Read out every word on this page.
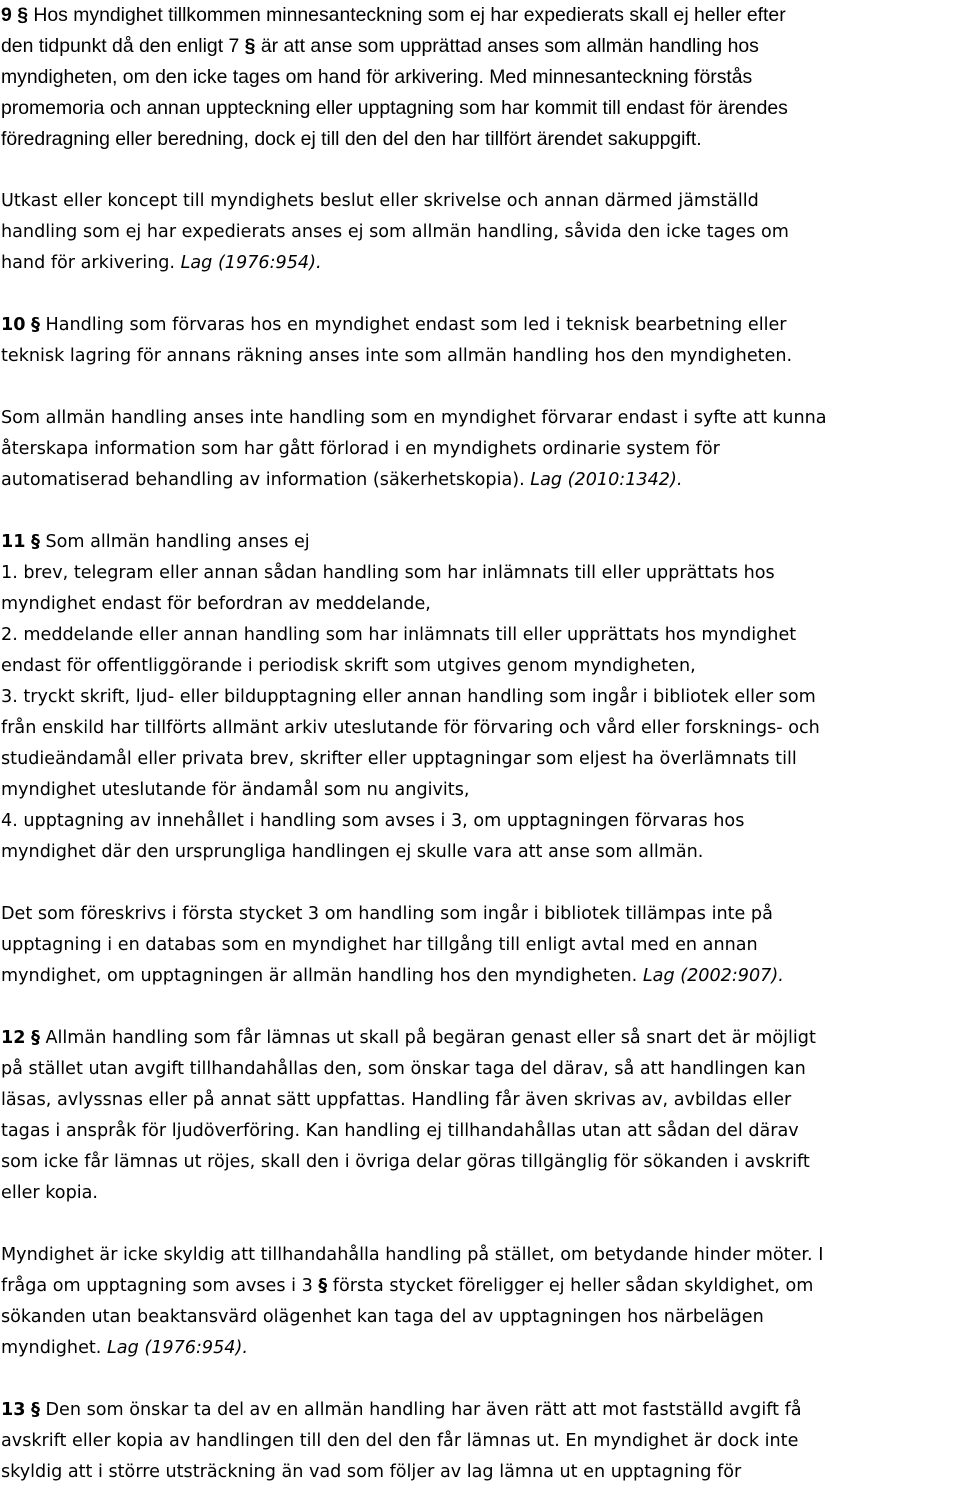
9 § Hos myndighet tillkommen minnesanteckning som ej har expedierats skall ej heller efter

den tidpunkt då den enligt 7 § är att anse som upprättad anses som allmän handling hos

myndigheten, om den icke tages om hand för arkivering. Med minnesanteckning förstås

promemoria och annan uppteckning eller upptagning som har kommit till endast för ärendes

föredragning eller beredning, dock ej till den del den har tillfört ärendet sakuppgift.

Utkast eller koncept till myndighets beslut eller skrivelse och annan därmed jämställd

handling som ej har expedierats anses ej som allmän handling, såvida den icke tages om

hand för arkivering. Lag (1976:954).

10 § Handling som förvaras hos en myndighet endast som led i teknisk bearbetning eller

teknisk lagring för annans räkning anses inte som allmän handling hos den myndigheten.

Som allmän handling anses inte handling som en myndighet förvarar endast i syfte att kunna

återskapa information som har gått förlorad i en myndighets ordinarie system för

automatiserad behandling av information (säkerhetskopia). Lag (2010:1342).

11 § Som allmän handling anses ej

1. brev, telegram eller annan sådan handling som har inlämnats till eller upprättats hos

myndighet endast för befordran av meddelande,

2. meddelande eller annan handling som har inlämnats till eller upprättats hos myndighet

endast för offentliggörande i periodisk skrift som utgives genom myndigheten,

3. tryckt skrift, ljud- eller bildupptagning eller annan handling som ingår i bibliotek eller som

från enskild har tillförts allmänt arkiv uteslutande för förvaring och vård eller forsknings- och

studieändamål eller privata brev, skrifter eller upptagningar som eljest ha överlämnats till

myndighet uteslutande för ändamål som nu angivits,

4. upptagning av innehållet i handling som avses i 3, om upptagningen förvaras hos

myndighet där den ursprungliga handlingen ej skulle vara att anse som allmän.

Det som föreskrivs i första stycket 3 om handling som ingår i bibliotek tillämpas inte på

upptagning i en databas som en myndighet har tillgång till enligt avtal med en annan

myndighet, om upptagningen är allmän handling hos den myndigheten. Lag (2002:907).

12 § Allmän handling som får lämnas ut skall på begäran genast eller så snart det är möjligt

på stället utan avgift tillhandahållas den, som önskar taga del därav, så att handlingen kan

läsas, avlyssnas eller på annat sätt uppfattas. Handling får även skrivas av, avbildas eller

tagas i anspråk för ljudöverföring. Kan handling ej tillhandahållas utan att sådan del därav

som icke får lämnas ut röjes, skall den i övriga delar göras tillgänglig för sökanden i avskrift

eller kopia.

Myndighet är icke skyldig att tillhandahålla handling på stället, om betydande hinder möter. I

fråga om upptagning som avses i 3 § första stycket föreligger ej heller sådan skyldighet, om

sökanden utan beaktansvärd olägenhet kan taga del av upptagningen hos närbelägen

myndighet. Lag (1976:954).

13 § Den som önskar ta del av en allmän handling har även rätt att mot fastställd avgift få

avskrift eller kopia av handlingen till den del den får lämnas ut. En myndighet är dock inte

skyldig att i större utsträckning än vad som följer av lag lämna ut en upptagning för
